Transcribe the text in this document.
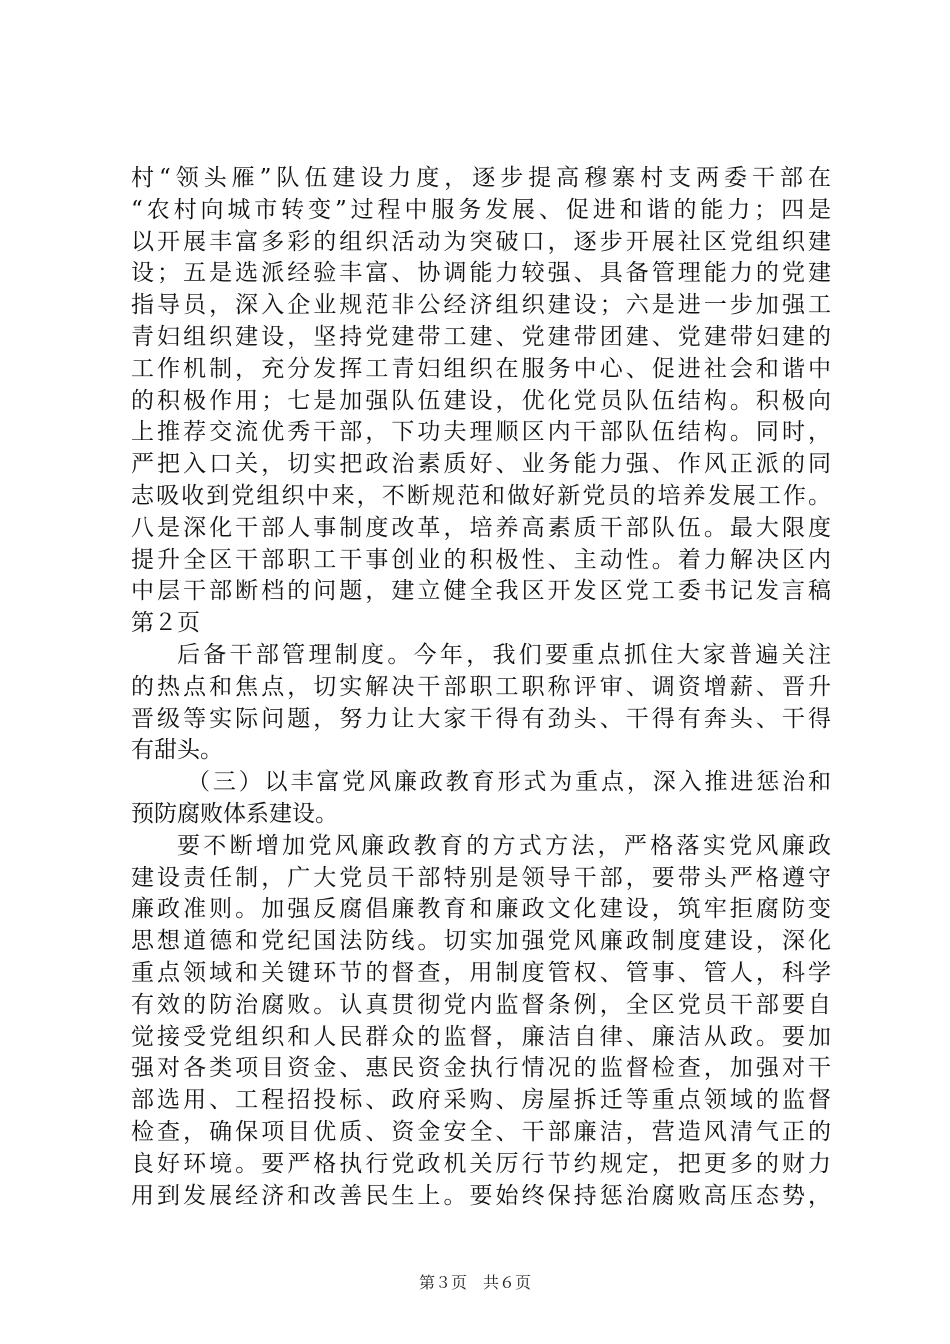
村“领头雁”队伍建设力度，逐步提高穆寨村支两委干部在
“农村向城市转变”过程中服务发展、促进和谐的能力；四是
以开展丰富多彩的组织活动为突破口，逐步开展社区党组织建
设；五是选派经验丰富、协调能力较强、具备管理能力的党建
指导员，深入企业规范非公经济组织建设；六是进一步加强工
青妇组织建设，坚持党建带工建、党建带团建、党建带妇建的
工作机制，充分发挥工青妇组织在服务中心、促进社会和谐中
的积极作用；七是加强队伍建设，优化党员队伍结构。积极向
上推荐交流优秀干部，下功夫理顺区内干部队伍结构。同时，
严把入口关，切实把政治素质好、业务能力强、作风正派的同
志吸收到党组织中来，不断规范和做好新党员的培养发展工作。
八是深化干部人事制度改革，培养高素质干部队伍。最大限度
提升全区干部职工干事创业的积极性、主动性。着力解决区内
中层干部断档的问题，建立健全我区开发区党工委书记发言稿
第２页
后备干部管理制度。今年，我们要重点抓住大家普遍关注
的热点和焦点，切实解决干部职工职称评审、调资增薪、晋升
晋级等实际问题，努力让大家干得有劲头、干得有奔头、干得
有甜头。
（三）以丰富党风廉政教育形式为重点，深入推进惩治和
预防腐败体系建设。
要不断增加党风廉政教育的方式方法，严格落实党风廉政
建设责任制，广大党员干部特别是领导干部，要带头严格遵守
廉政准则。加强反腐倡廉教育和廉政文化建设，筑牢拒腐防变
思想道德和党纪国法防线。切实加强党风廉政制度建设，深化
重点领域和关键环节的督查，用制度管权、管事、管人，科学
有效的防治腐败。认真贯彻党内监督条例，全区党员干部要自
觉接受党组织和人民群众的监督，廉洁自律、廉洁从政。要加
强对各类项目资金、惠民资金执行情况的监督检查，加强对干
部选用、工程招投标、政府采购、房屋拆迁等重点领域的监督
检查，确保项目优质、资金安全、干部廉洁，营造风清气正的
良好环境。要严格执行党政机关厉行节约规定，把更多的财力
用到发展经济和改善民生上。要始终保持惩治腐败高压态势，
第３页　共６页
